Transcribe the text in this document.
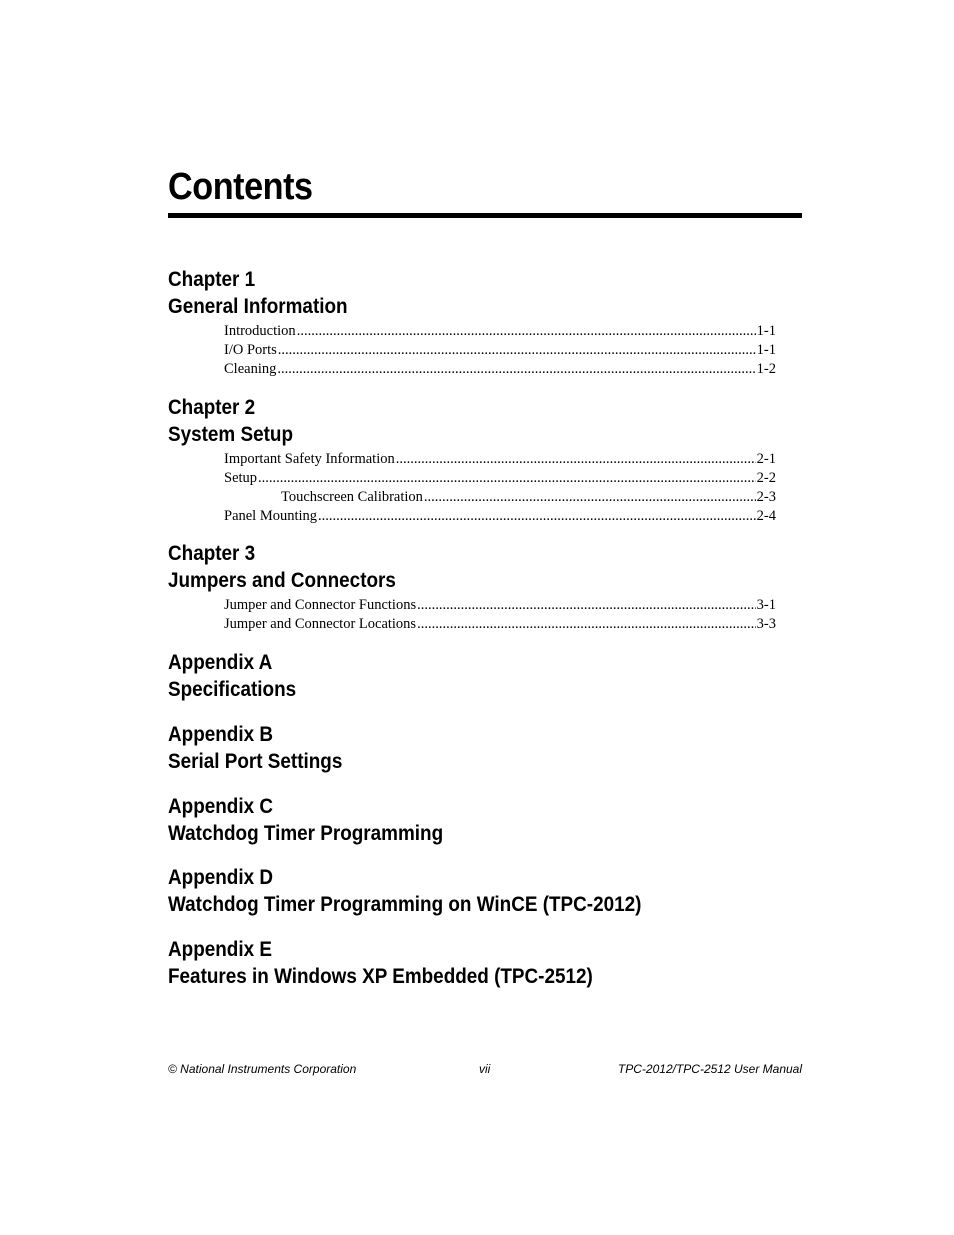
Contents
Chapter 1
General Information
Introduction .....	1-1
I/O Ports .....	1-1
Cleaning .....	1-2
Chapter 2
System Setup
Important Safety Information .....	2-1
Setup .....	2-2
Touchscreen Calibration .....	2-3
Panel Mounting .....	2-4
Chapter 3
Jumpers and Connectors
Jumper and Connector Functions .....	3-1
Jumper and Connector Locations .....	3-3
Appendix A
Specifications
Appendix B
Serial Port Settings
Appendix C
Watchdog Timer Programming
Appendix D
Watchdog Timer Programming on WinCE (TPC-2012)
Appendix E
Features in Windows XP Embedded (TPC-2512)
© National Instruments Corporation	vii	TPC-2012/TPC-2512 User Manual
